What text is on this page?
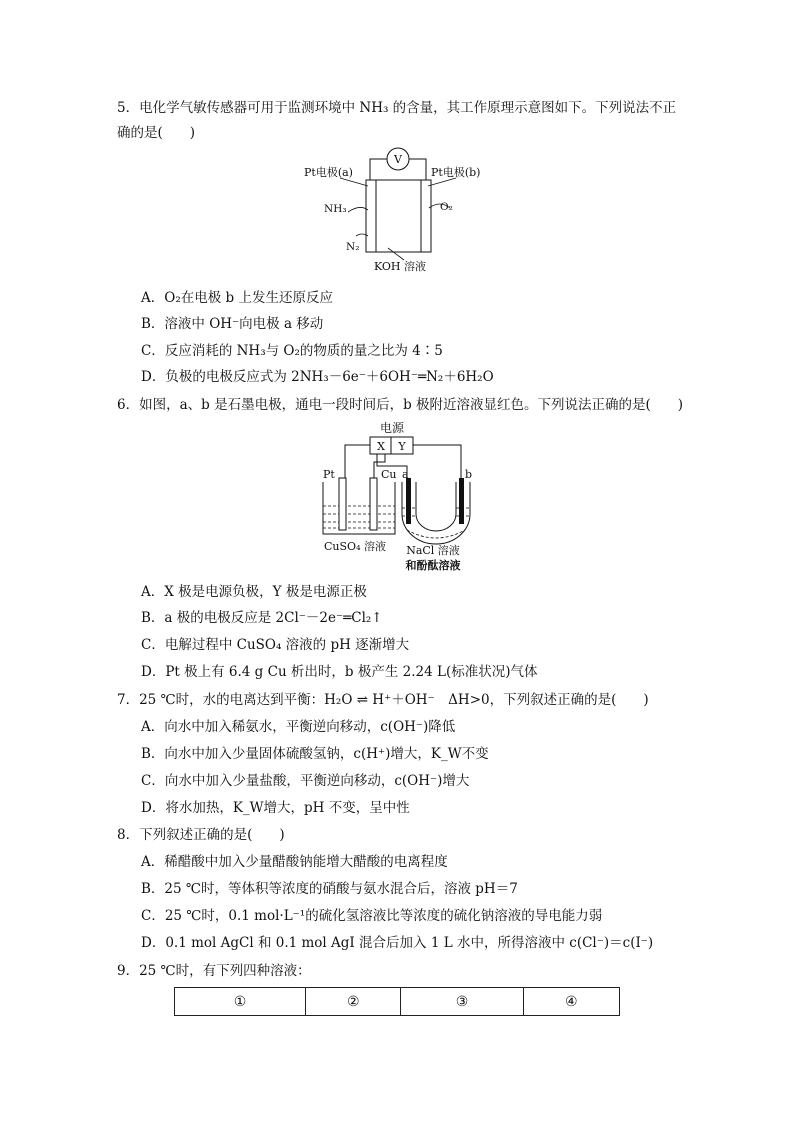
5．电化学气敏传感器可用于监测环境中 NH₃ 的含量，其工作原理示意图如下。下列说法不正
确的是(　　)
V
Pt电极(a)	Pt电极(b)
NH₃	O₂
N₂
KOH 溶液
A．O₂在电极 b 上发生还原反应
B．溶液中 OH⁻向电极 a 移动
C．反应消耗的 NH₃与 O₂的物质的量之比为 4∶5
D．负极的电极反应式为 2NH₃－6e⁻＋6OH⁻═N₂＋6H₂O
6．如图，a、b 是石墨电极，通电一段时间后，b 极附近溶液显红色。下列说法正确的是(　　)
电源
X Y
Pt	Cu a	b
CuSO₄ 溶液 NaCl 溶液
和酚酞溶液
A．X 极是电源负极，Y 极是电源正极
B．a 极的电极反应是 2Cl⁻－2e⁻═Cl₂↑
C．电解过程中 CuSO₄ 溶液的 pH 逐渐增大
D．Pt 极上有 6.4 g Cu 析出时，b 极产生 2.24 L(标准状况)气体
7．25 ℃时，水的电离达到平衡：H₂O ⇌ H⁺＋OH⁻　ΔH>0，下列叙述正确的是(　　)
A．向水中加入稀氨水，平衡逆向移动，c(OH⁻)降低
B．向水中加入少量固体硫酸氢钠，c(H⁺)增大，K_W不变
C．向水中加入少量盐酸，平衡逆向移动，c(OH⁻)增大
D．将水加热，K_W增大，pH 不变，呈中性
8．下列叙述正确的是(　　)
A．稀醋酸中加入少量醋酸钠能增大醋酸的电离程度
B．25 ℃时，等体积等浓度的硝酸与氨水混合后，溶液 pH＝7
C．25 ℃时，0.1 mol·L⁻¹的硫化氢溶液比等浓度的硫化钠溶液的导电能力弱
D．0.1 mol AgCl 和 0.1 mol AgI 混合后加入 1 L 水中，所得溶液中 c(Cl⁻)＝c(I⁻)
9．25 ℃时，有下列四种溶液：
①	②	③	④
